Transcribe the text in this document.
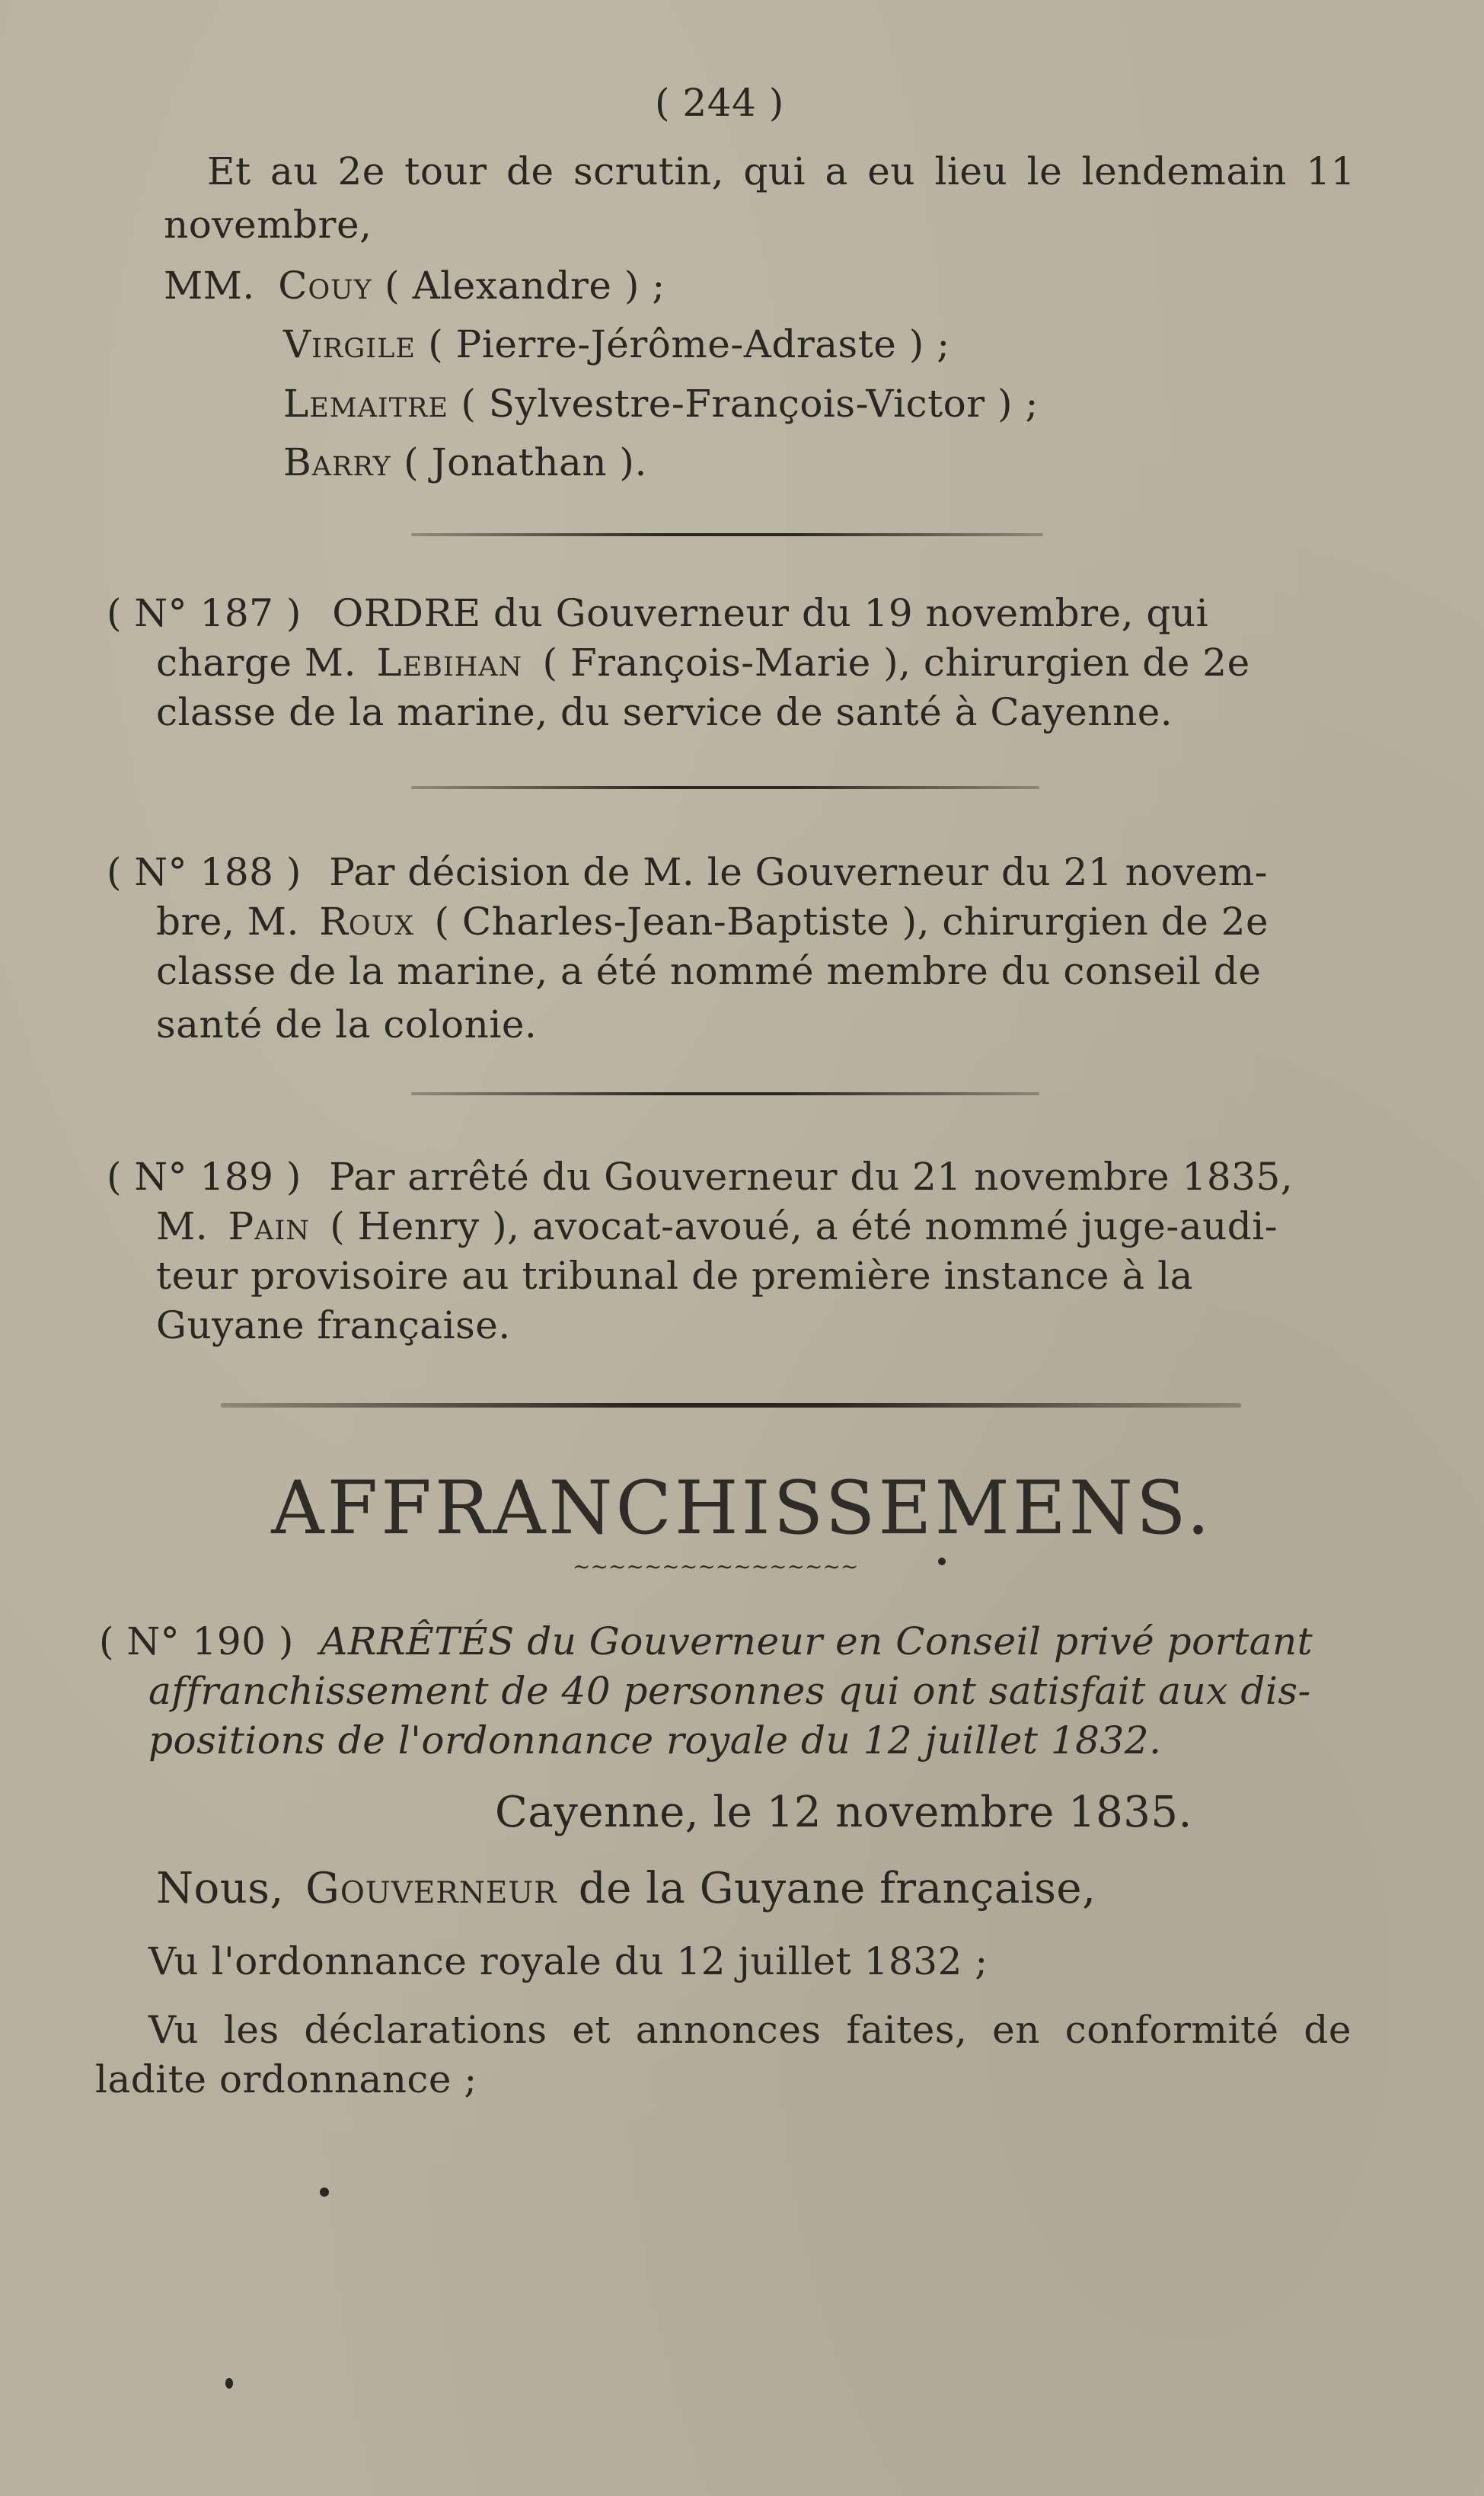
( 244 )
Et au 2e tour de scrutin, qui a eu lieu le lendemain 11
novembre,
MM. Couy ( Alexandre ) ;
Virgile ( Pierre-Jérôme-Adraste ) ;
Lemaitre ( Sylvestre-François-Victor ) ;
Barry ( Jonathan ).
( N° 187 ) ORDRE du Gouverneur du 19 novembre, qui
charge M. Lebihan ( François-Marie ), chirurgien de 2e
classe de la marine, du service de santé à Cayenne.
( N° 188 ) Par décision de M. le Gouverneur du 21 novem-
bre, M. Roux ( Charles-Jean-Baptiste ), chirurgien de 2e
classe de la marine, a été nommé membre du conseil de
santé de la colonie.
( N° 189 ) Par arrêté du Gouverneur du 21 novembre 1835,
M. Pain ( Henry ), avocat-avoué, a été nommé juge-audi-
teur provisoire au tribunal de première instance à la
Guyane française.
AFFRANCHISSEMENS.
~~~~~~~~~~~~~~~~
( N° 190 ) ARRÊTÉS du Gouverneur en Conseil privé portant
affranchissement de 40 personnes qui ont satisfait aux dis-
positions de l'ordonnance royale du 12 juillet 1832.
Cayenne, le 12 novembre 1835.
Nous, Gouverneur de la Guyane française,
Vu l'ordonnance royale du 12 juillet 1832 ;
Vu les déclarations et annonces faites, en conformité de
ladite ordonnance ;
